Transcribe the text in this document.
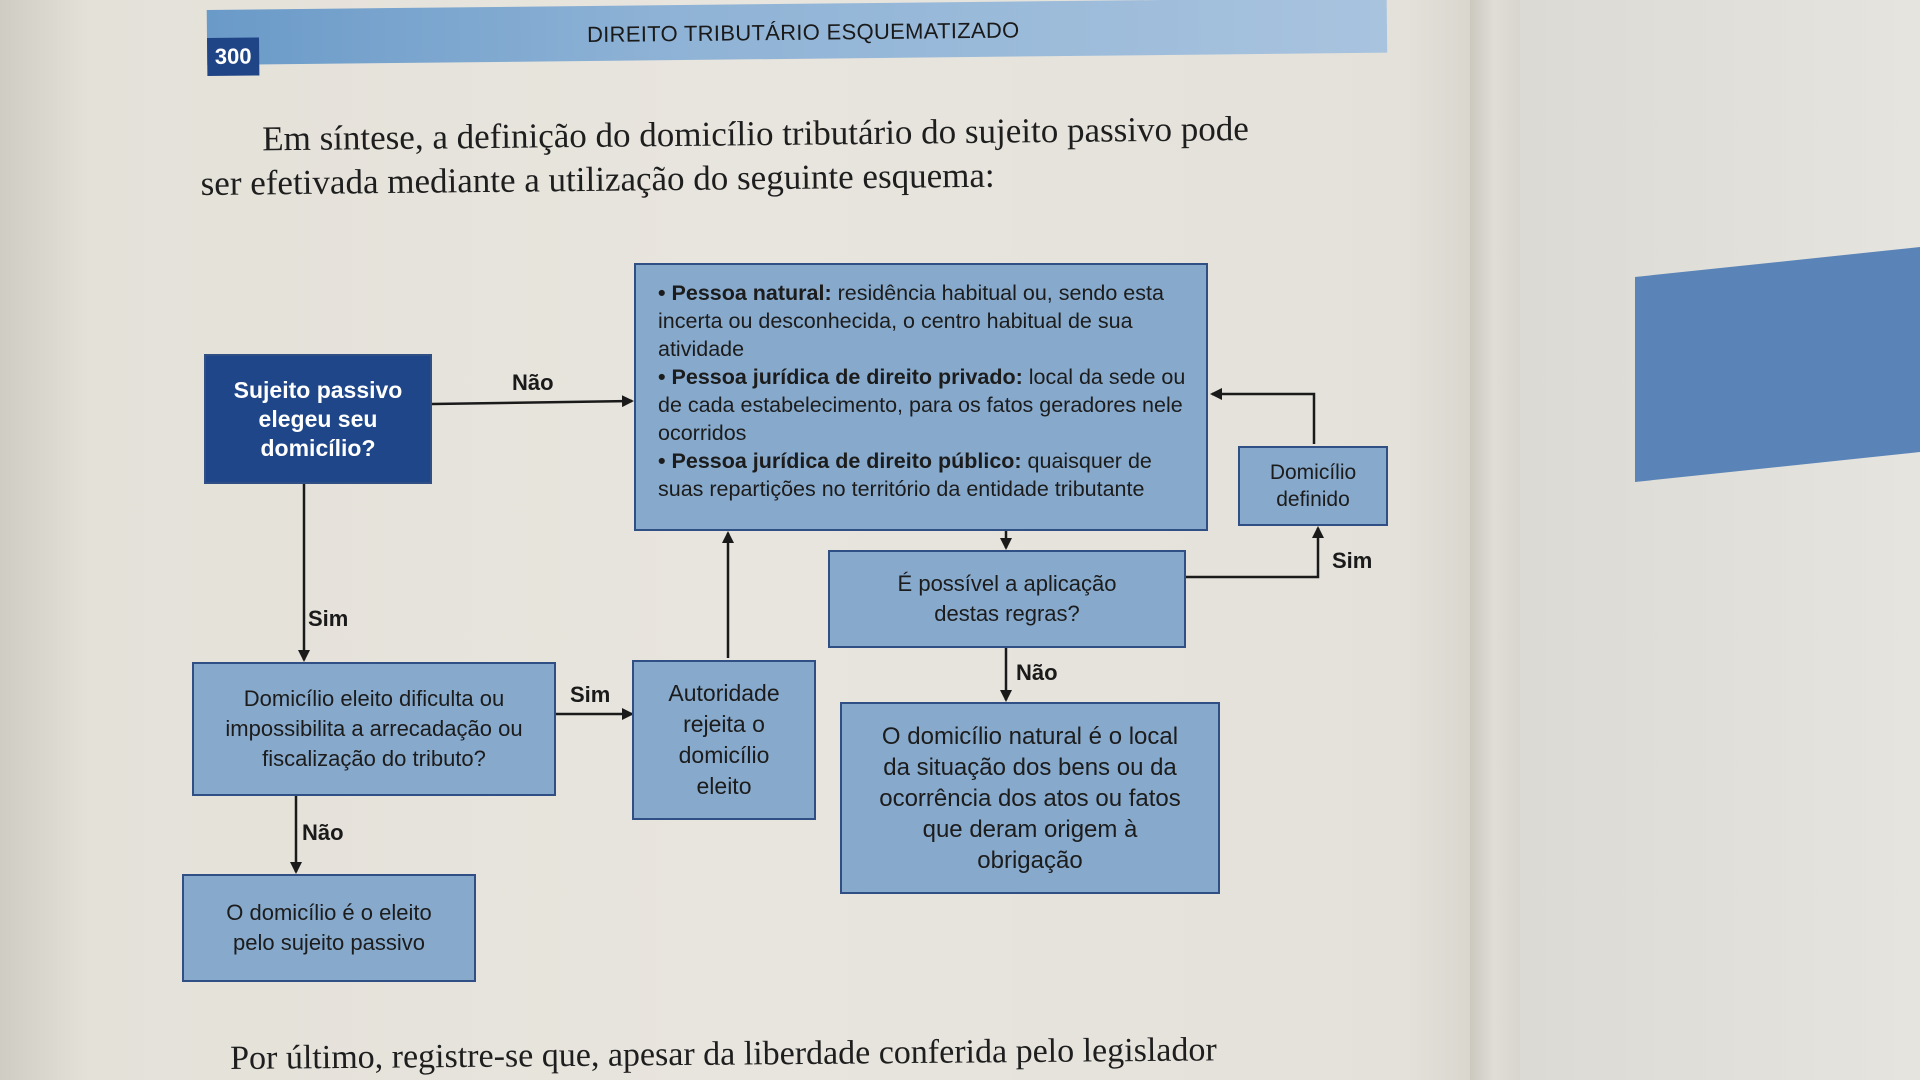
300
DIREITO TRIBUTÁRIO ESQUEMATIZADO
Em síntese, a definição do domicílio tributário do sujeito passivo pode
ser efetivada mediante a utilização do seguinte esquema:
Sujeito passivo elegeu seu domicílio?

• Pessoa natural: residência habitual ou, sendo esta incerta ou desconhecida, o centro habitual de sua atividade

• Pessoa jurídica de direito privado: local da sede ou de cada estabelecimento, para os fatos geradores nele ocorridos

• Pessoa jurídica de direito público: quaisquer de suas repartições no território da entidade tributante

Domicílio definido
É possível a aplicação destas regras?
Domicílio eleito dificulta ou impossibilita a arrecadação ou fiscalização do tributo?
Autoridade rejeita o domicílio eleito
O domicílio natural é o local da situação dos bens ou da ocorrência dos atos ou fatos que deram origem à obrigação
O domicílio é o eleito pelo sujeito passivo
Não
Sim
Sim
Não
Sim
Não
Por último, registre-se que, apesar da liberdade conferida pelo legislador
